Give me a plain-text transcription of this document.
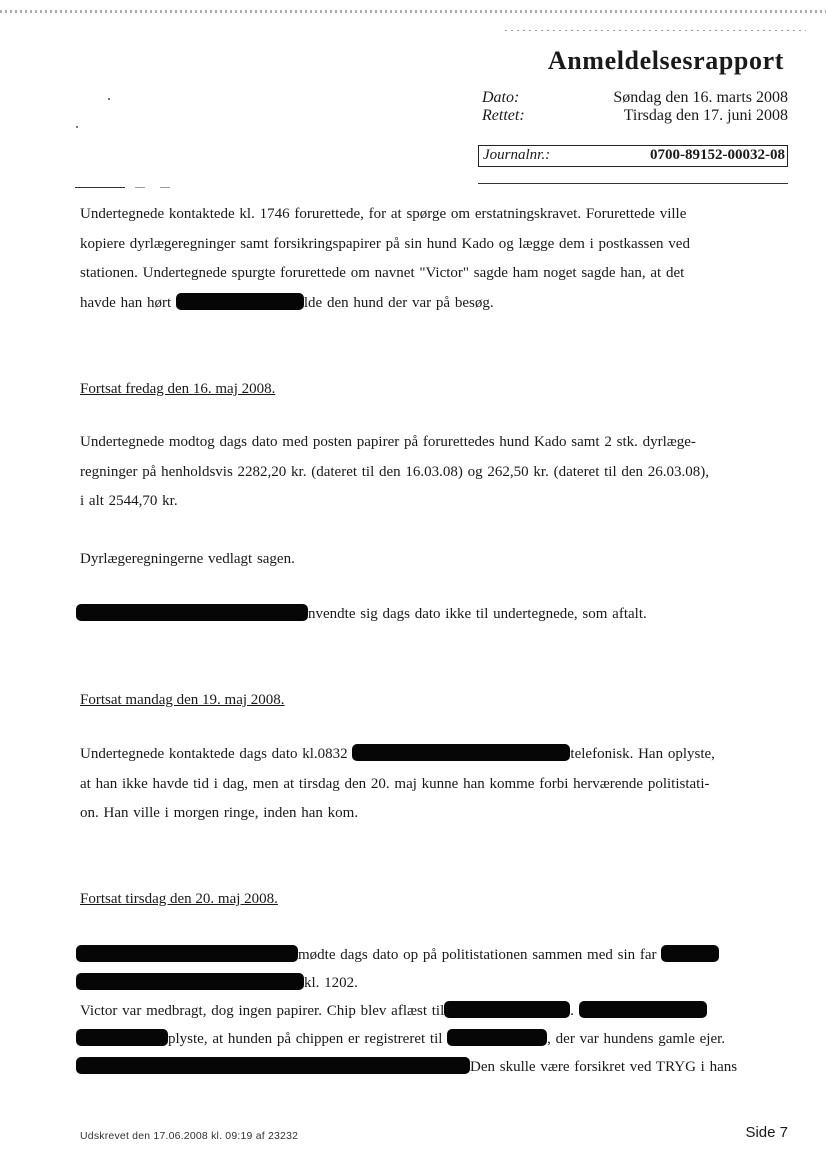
Anmeldelsesrapport
Dato:	Søndag den 16. marts 2008
Rettet:	Tirsdag den 17. juni 2008
Journalnr.:	0700-89152-00032-08
Undertegnede kontaktede kl. 1746 forurettede, for at spørge om erstatningskravet. Forurettede ville
kopiere dyrlægeregninger samt forsikringspapirer på sin hund Kado og lægge dem i postkassen ved
stationen. Undertegnede spurgte forurettede om navnet "Victor" sagde ham noget sagde han, at det
havde han hørt	lde den hund der var på besøg.
Fortsat fredag den 16. maj 2008.
Undertegnede modtog dags dato med posten papirer på forurettedes hund Kado samt 2 stk. dyrlæge-
regninger på henholdsvis 2282,20 kr. (dateret til den 16.03.08) og 262,50 kr. (dateret til den 26.03.08),
i alt 2544,70 kr.
Dyrlægeregningerne vedlagt sagen.
nvendte sig dags dato ikke til undertegnede, som aftalt.
Fortsat mandag den 19. maj 2008.
Undertegnede kontaktede dags dato kl.0832	telefonisk. Han oplyste,
at han ikke havde tid i dag, men at tirsdag den 20. maj kunne han komme forbi herværende politistati-
on. Han ville i morgen ringe, inden han kom.
Fortsat tirsdag den 20. maj 2008.
mødte dags dato op på politistationen sammen med sin far
kl. 1202.
Victor var medbragt, dog ingen papirer. Chip blev aflæst til	.
plyste, at hunden på chippen er registreret til	, der var hundens gamle ejer.
Den skulle være forsikret ved TRYG i hans
Udskrevet den 17.06.2008 kl. 09:19 af 23232	Side 7
